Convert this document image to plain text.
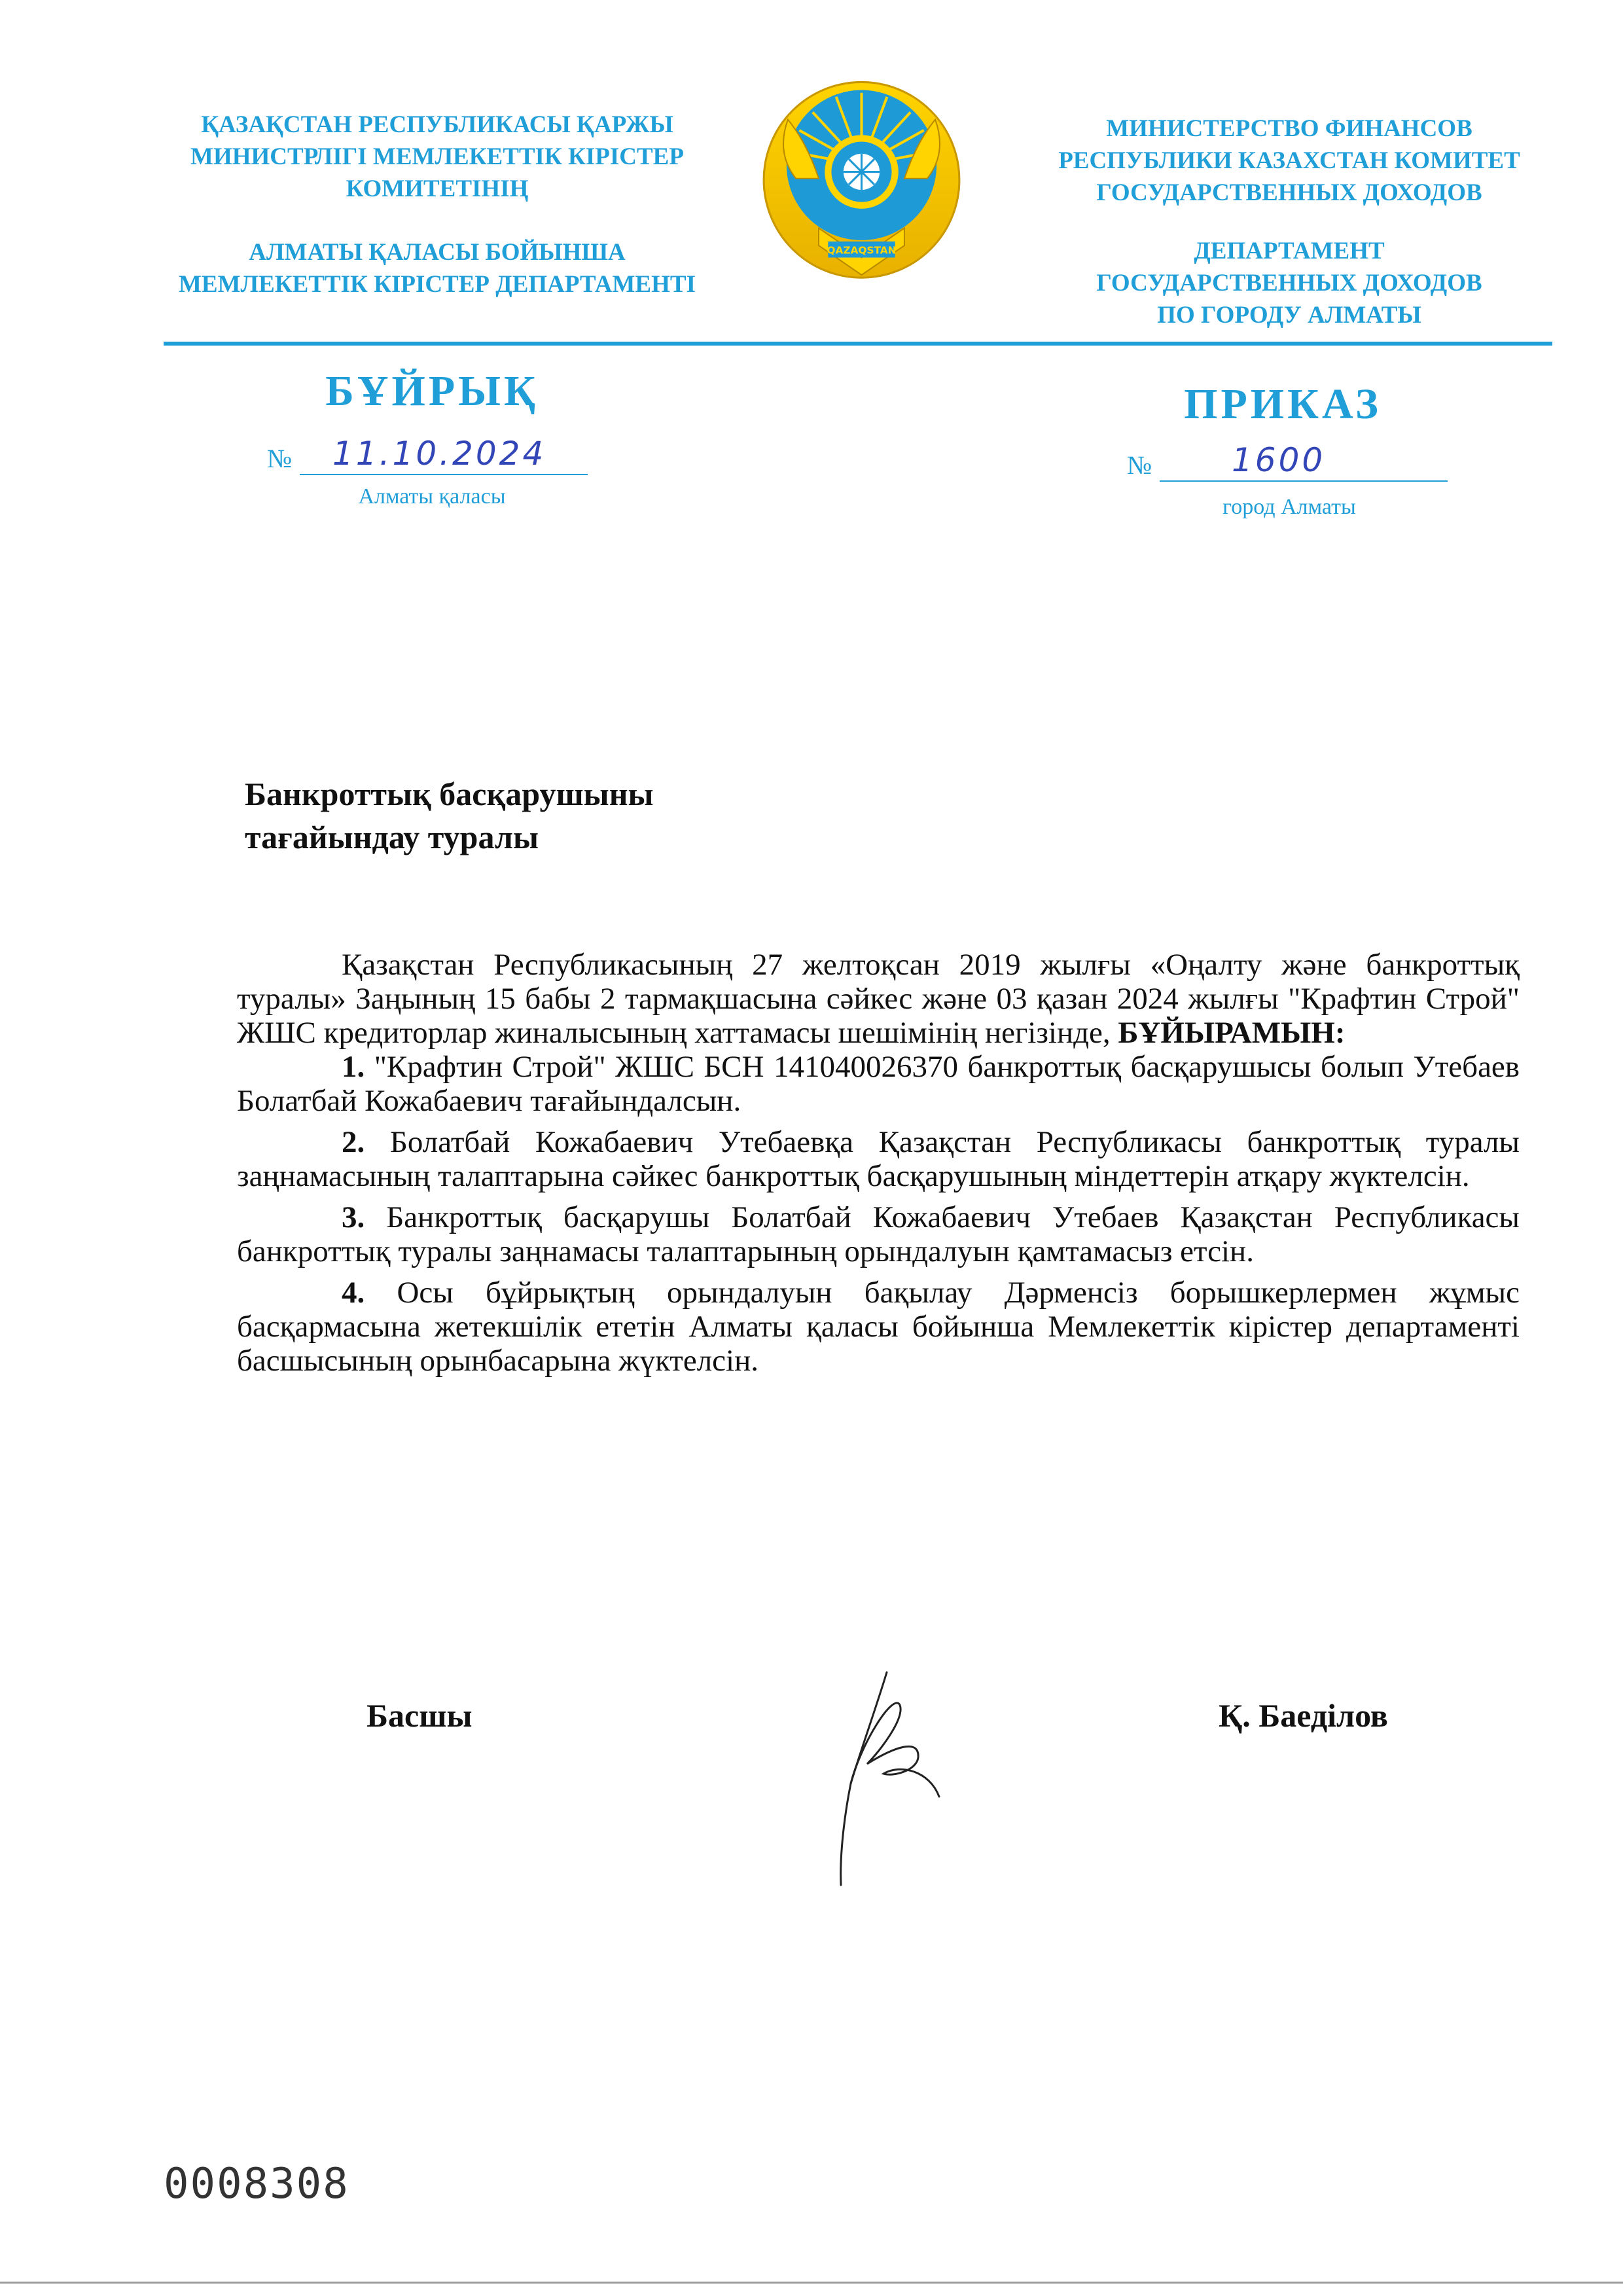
ҚАЗАҚСТАН РЕСПУБЛИКАСЫ ҚАРЖЫ
МИНИСТРЛІГІ МЕМЛЕКЕТТІК КІРІСТЕР
КОМИТЕТІНІҢ
АЛМАТЫ ҚАЛАСЫ БОЙЫНША
МЕМЛЕКЕТТІК КІРІСТЕР ДЕПАРТАМЕНТІ
QAZAQSTAN
МИНИСТЕРСТВО ФИНАНСОВ
РЕСПУБЛИКИ КАЗАХСТАН КОМИТЕТ
ГОСУДАРСТВЕННЫХ ДОХОДОВ
ДЕПАРТАМЕНТ
ГОСУДАРСТВЕННЫХ ДОХОДОВ
ПО ГОРОДУ АЛМАТЫ
БҰЙРЫҚ
№ 11.10.2024
Алматы қаласы
ПРИКАЗ
№ 1600
город Алматы
Банкроттық басқарушыны
тағайындау туралы

Қазақстан Республикасының 27 желтоқсан 2019 жылғы «Оңалту және банкроттық туралы» Заңының 15 бабы 2 тармақшасына сәйкес және 03 қазан 2024 жылғы "Крафтин Строй" ЖШС кредиторлар жиналысының хаттамасы шешімінің негізінде, БҰЙЫРАМЫН:

1. "Крафтин Строй" ЖШС БСН 141040026370 банкроттық басқарушысы болып Утебаев Болатбай Кожабаевич тағайындалсын.

2. Болатбай Кожабаевич Утебаевқа Қазақстан Республикасы банкроттық туралы заңнамасының талаптарына сәйкес банкроттық басқарушының міндеттерін атқару жүктелсін.

3. Банкроттық басқарушы Болатбай Кожабаевич Утебаев Қазақстан Республикасы банкроттық туралы заңнамасы талаптарының орындалуын қамтамасыз етсін.

4. Осы бұйрықтың орындалуын бақылау Дәрменсіз борышкерлермен жұмыс басқармасына жетекшілік ететін Алматы қаласы бойынша Мемлекеттік кірістер департаменті басшысының орынбасарына жүктелсін.

Басшы	Қ. Баеділов
0008308
